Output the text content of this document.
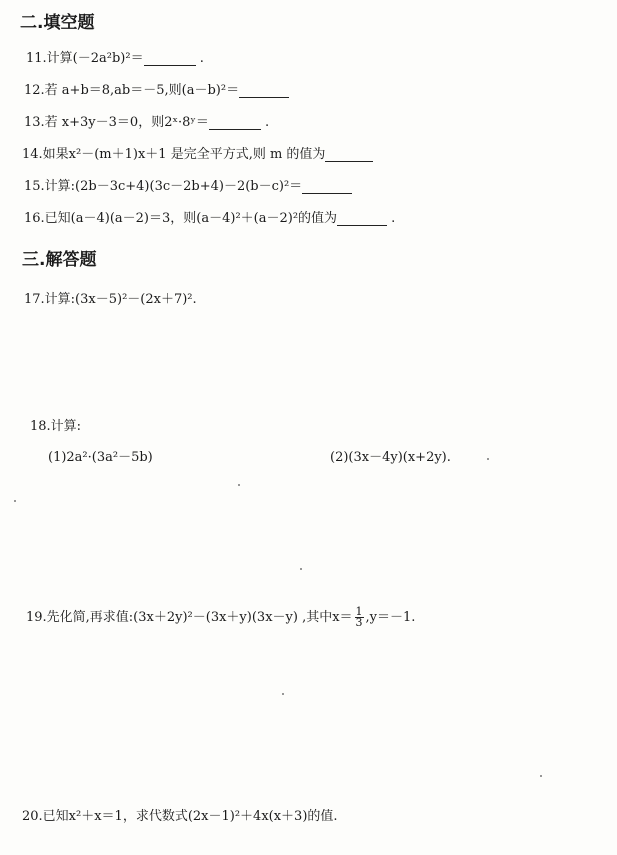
二.填空题
11.计算(－2a²b)²＝	.
12.若 a+b＝8,ab＝－5,则(a－b)²＝
13.若 x+3y－3＝0，则2ˣ·8ʸ＝	.
14.如果x²－(m＋1)x＋1 是完全平方式,则 m 的值为
15.计算:(2b－3c+4)(3c－2b+4)－2(b－c)²＝
16.已知(a－4)(a－2)＝3，则(a－4)²＋(a－2)²的值为	.
三.解答题
17.计算:(3x－5)²－(2x＋7)².
18.计算:
(1)2a²·(3a²－5b)	(2)(3x－4y)(x+2y).
19.先化简,再求值:(3x＋2y)²－(3x＋y)(3x－y) ,其中$x= \frac{1}{3} ,y=-1$.
20.已知x²＋x＝1，求代数式(2x－1)²＋4x(x＋3)的值.
